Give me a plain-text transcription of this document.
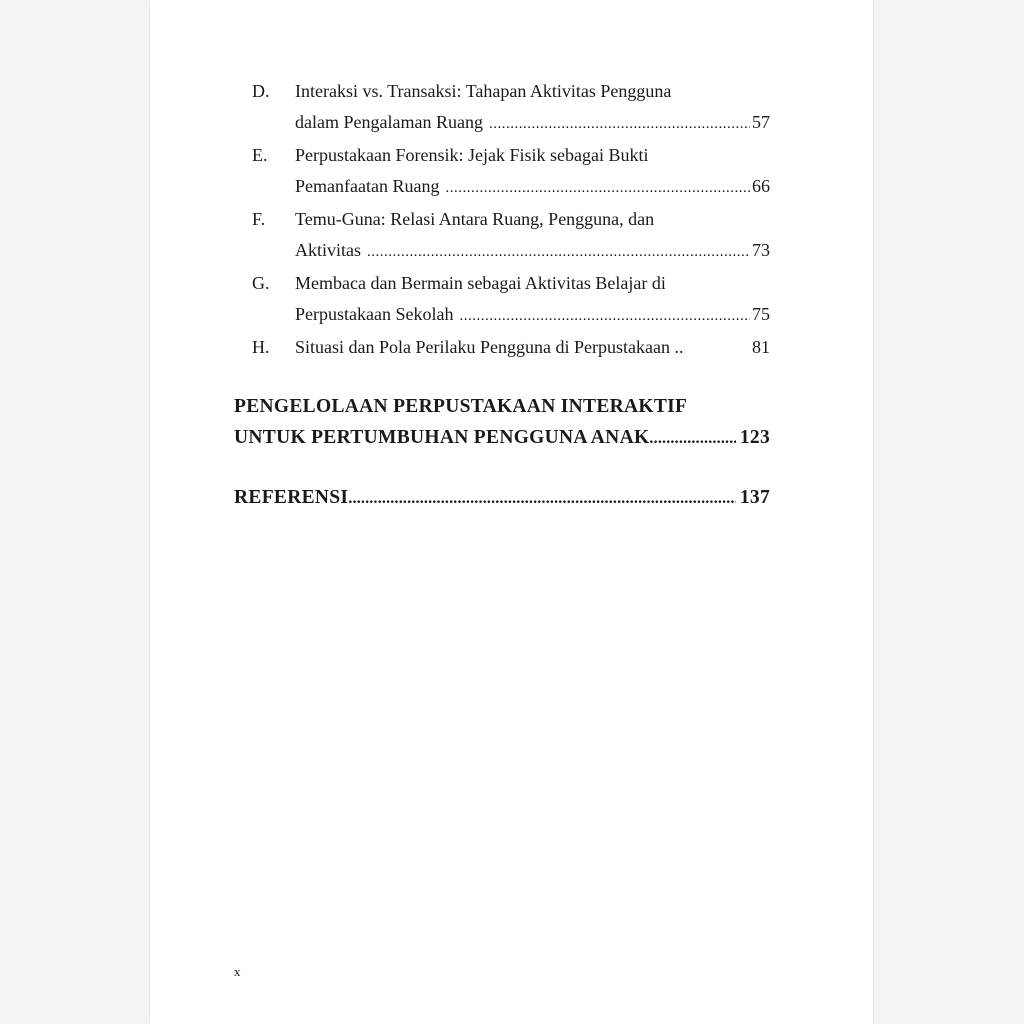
D.	Interaksi vs. Transaksi: Tahapan Aktivitas Pengguna
dalam Pengalaman Ruang .....	57
E.	Perpustakaan Forensik: Jejak Fisik sebagai Bukti
Pemanfaatan Ruang .....	66
F.	Temu-Guna: Relasi Antara Ruang, Pengguna, dan
Aktivitas .....	73
G.	Membaca dan Bermain sebagai Aktivitas Belajar di
Perpustakaan Sekolah .....	75
H.	Situasi dan Pola Perilaku Pengguna di Perpustakaan ..	81
PENGELOLAAN PERPUSTAKAAN INTERAKTIF
UNTUK PERTUMBUHAN PENGGUNA ANAK .....	123
REFERENSI .....	137
x
